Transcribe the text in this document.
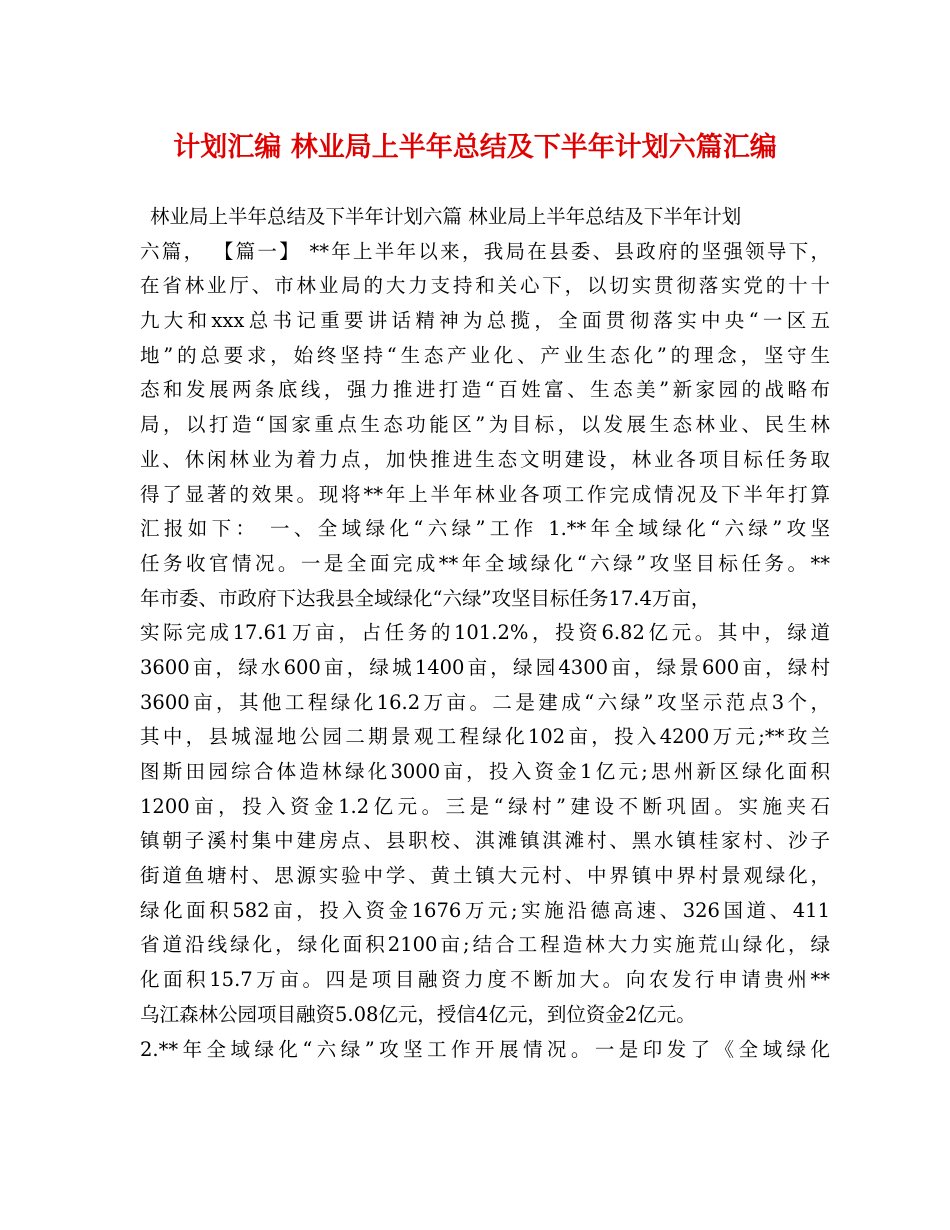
计划汇编 林业局上半年总结及下半年计划六篇汇编
林业局上半年总结及下半年计划六篇 林业局上半年总结及下半年计划
六篇， 【篇一】 **年上半年以来，我局在县委、县政府的坚强领导下，
在省林业厅、市林业局的大力支持和关心下，以切实贯彻落实党的十十
九大和xxx总书记重要讲话精神为总揽，全面贯彻落实中央“一区五
地”的总要求，始终坚持“生态产业化、产业生态化”的理念，坚守生
态和发展两条底线，强力推进打造“百姓富、生态美”新家园的战略布
局，以打造“国家重点生态功能区”为目标，以发展生态林业、民生林
业、休闲林业为着力点，加快推进生态文明建设，林业各项目标任务取
得了显著的效果。现将**年上半年林业各项工作完成情况及下半年打算
汇报如下： 一、全域绿化“六绿”工作 1.**年全域绿化“六绿”攻坚
任务收官情况。一是全面完成**年全域绿化“六绿”攻坚目标任务。**
年市委、市政府下达我县全域绿化“六绿”攻坚目标任务17.4万亩，
实际完成17.61万亩，占任务的101.2%，投资6.82亿元。其中，绿道
3600亩，绿水600亩，绿城1400亩，绿园4300亩，绿景600亩，绿村
3600亩，其他工程绿化16.2万亩。二是建成“六绿”攻坚示范点3个，
其中，县城湿地公园二期景观工程绿化102亩，投入4200万元;**玫兰
图斯田园综合体造林绿化3000亩，投入资金1亿元;思州新区绿化面积
1200亩，投入资金1.2亿元。三是“绿村”建设不断巩固。实施夹石
镇朝子溪村集中建房点、县职校、淇滩镇淇滩村、黑水镇桂家村、沙子
街道鱼塘村、思源实验中学、黄土镇大元村、中界镇中界村景观绿化，
绿化面积582亩，投入资金1676万元;实施沿德高速、326国道、411
省道沿线绿化，绿化面积2100亩;结合工程造林大力实施荒山绿化，绿
化面积15.7万亩。四是项目融资力度不断加大。向农发行申请贵州**
乌江森林公园项目融资5.08亿元，授信4亿元，到位资金2亿元。
2.**年全域绿化“六绿”攻坚工作开展情况。一是印发了《全域绿化
